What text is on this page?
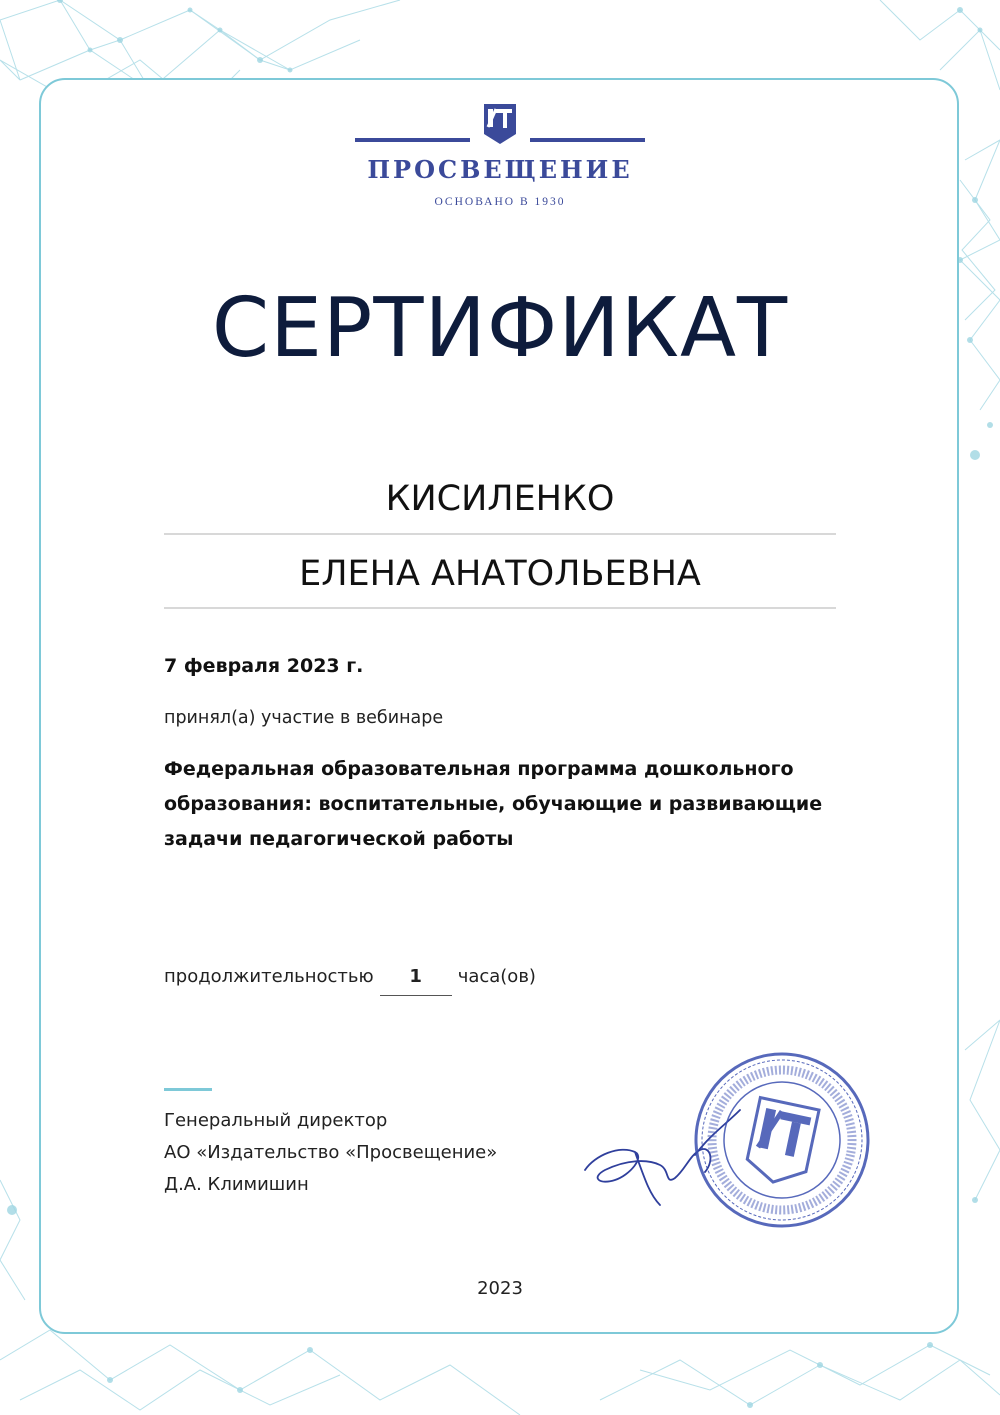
ПРОСВЕЩЕНИЕ
ОСНОВАНО В 1930
СЕРТИФИКАТ
КИСИЛЕНКО
ЕЛЕНА АНАТОЛЬЕВНА
7 февраля 2023 г.
принял(а) участие в вебинаре
Федеральная образовательная программа дошкольного образования: воспитательные, обучающие и развивающие задачи педагогической работы
продолжительностью	1	часа(ов)
Генеральный директор
АО «Издательство «Просвещение»
Д.А. Климишин
2023
